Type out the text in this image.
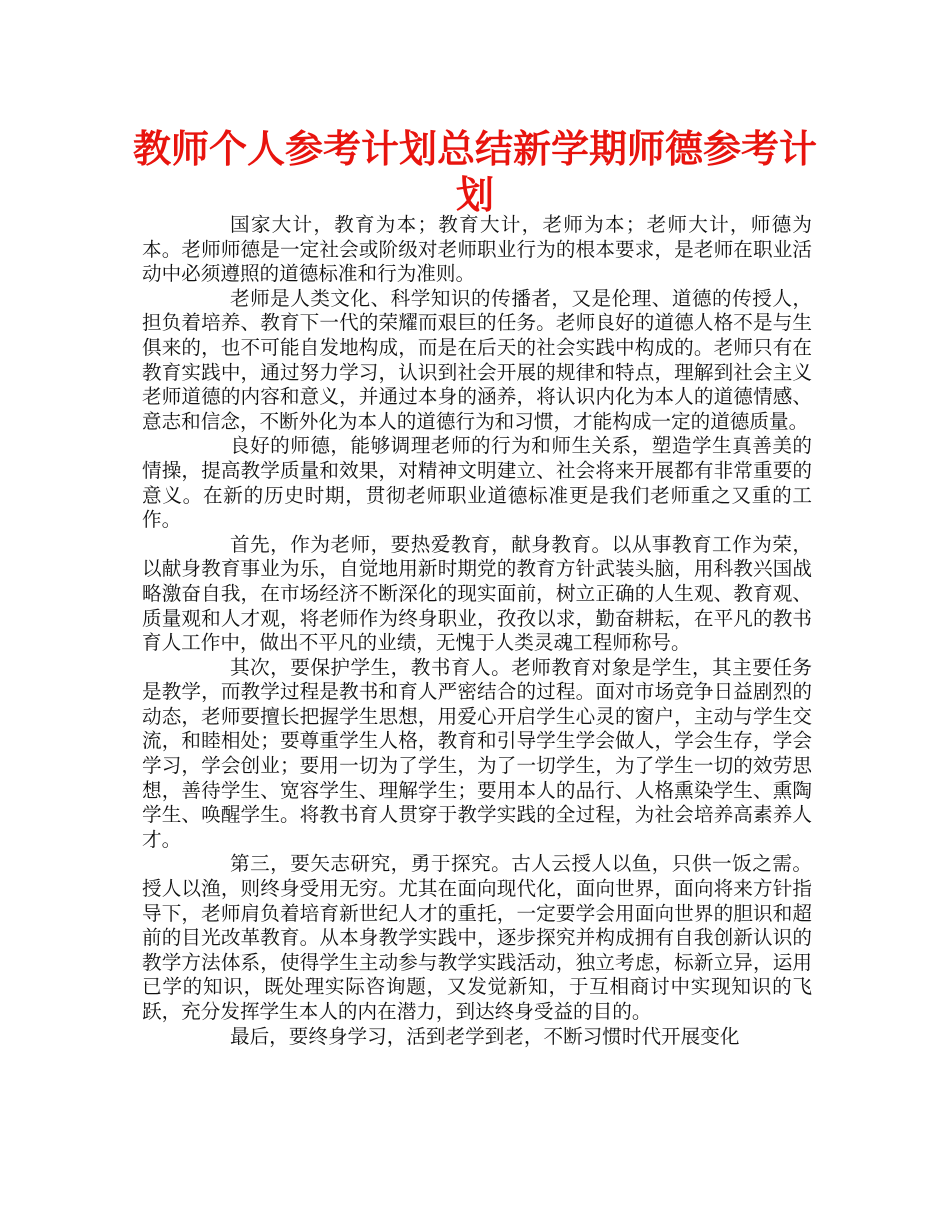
教师个人参考计划总结新学期师德参考计划

国家大计，教育为本；教育大计，老师为本；老师大计，师德为本。老师师德是一定社会或阶级对老师职业行为的根本要求，是老师在职业活动中必须遵照的道德标准和行为准则。

老师是人类文化、科学知识的传播者，又是伦理、道德的传授人，担负着培养、教育下一代的荣耀而艰巨的任务。老师良好的道德人格不是与生俱来的，也不可能自发地构成，而是在后天的社会实践中构成的。老师只有在教育实践中，通过努力学习，认识到社会开展的规律和特点，理解到社会主义老师道德的内容和意义，并通过本身的涵养，将认识内化为本人的道德情感、意志和信念，不断外化为本人的道德行为和习惯，才能构成一定的道德质量。

良好的师德，能够调理老师的行为和师生关系，塑造学生真善美的情操，提高教学质量和效果，对精神文明建立、社会将来开展都有非常重要的意义。在新的历史时期，贯彻老师职业道德标准更是我们老师重之又重的工作。

首先，作为老师，要热爱教育，献身教育。以从事教育工作为荣，以献身教育事业为乐，自觉地用新时期党的教育方针武装头脑，用科教兴国战略激奋自我，在市场经济不断深化的现实面前，树立正确的人生观、教育观、质量观和人才观，将老师作为终身职业，孜孜以求，勤奋耕耘，在平凡的教书育人工作中，做出不平凡的业绩，无愧于人类灵魂工程师称号。

其次，要保护学生，教书育人。老师教育对象是学生，其主要任务是教学，而教学过程是教书和育人严密结合的过程。面对市场竞争日益剧烈的动态，老师要擅长把握学生思想，用爱心开启学生心灵的窗户，主动与学生交流，和睦相处；要尊重学生人格，教育和引导学生学会做人，学会生存，学会学习，学会创业；要用一切为了学生，为了一切学生，为了学生一切的效劳思想，善待学生、宽容学生、理解学生；要用本人的品行、人格熏染学生、熏陶学生、唤醒学生。将教书育人贯穿于教学实践的全过程，为社会培养高素养人才。

第三，要矢志研究，勇于探究。古人云授人以鱼，只供一饭之需。授人以渔，则终身受用无穷。尤其在面向现代化，面向世界，面向将来方针指导下，老师肩负着培育新世纪人才的重托，一定要学会用面向世界的胆识和超前的目光改革教育。从本身教学实践中，逐步探究并构成拥有自我创新认识的教学方法体系，使得学生主动参与教学实践活动，独立考虑，标新立异，运用已学的知识，既处理实际咨询题，又发觉新知，于互相商讨中实现知识的飞跃，充分发挥学生本人的内在潜力，到达终身受益的目的。

最后，要终身学习，活到老学到老，不断习惯时代开展变化
